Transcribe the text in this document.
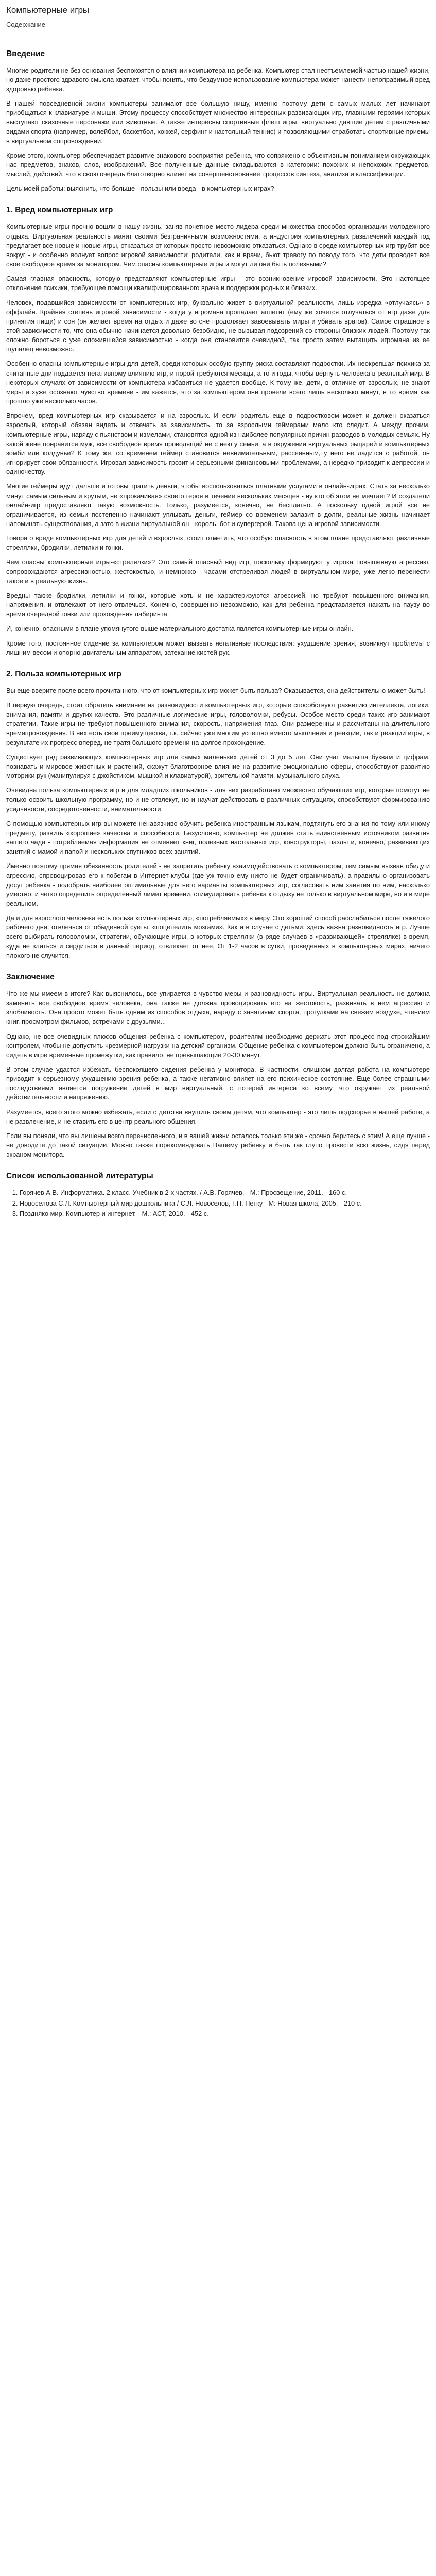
Компьютерные игры
Содержание
Введение

Многие родители не без основания беспокоятся о влиянии компьютера на ребенка. Компьютер стал неотъемлемой частью нашей жизни, но даже простого здравого смысла хватает, чтобы понять, что бездумное использование компьютера может нанести непоправимый вред здоровью ребенка.

В нашей повседневной жизни компьютеры занимают все большую нишу, именно поэтому дети с самых малых лет начинают приобщаться к клавиатуре и мыши. Этому процессу способствует множество интересных развивающих игр, главными героями которых выступают сказочные персонажи или животные. А также интересны спортивные флеш игры, виртуально давшие детям с различными видами спорта (например, волейбол, баскетбол, хоккей, серфинг и настольный теннис) и позволяющими отработать спортивные приемы в виртуальном сопровождении.

Кроме этого, компьютер обеспечивает развитие знакового восприятия ребенка, что сопряжено с объективным пониманием окружающих нас предметов, знаков, слов, изображений. Все полученные данные складываются в категории: похожих и непохожих предметов, мыслей, действий, что в свою очередь благотворно влияет на совершенствование процессов синтеза, анализа и классификации.

Цель моей работы: выяснить, что больше - пользы или вреда - в компьютерных играх?

1. Вред компьютерных игр

Компьютерные игры прочно вошли в нашу жизнь, заняв почетное место лидера среди множества способов организации молодежного отдыха. Виртуальная реальность манит своими безграничными возможностями, а индустрия компьютерных развлечений каждый год предлагает все новые и новые игры, отказаться от которых просто невозможно отказаться. Однако в среде компьютерных игр трубят все вокруг - и особенно волнует вопрос игровой зависимости: родители, как и врачи, бьют тревогу по поводу того, что дети проводят все свое свободное время за монитором. Чем опасны компьютерные игры и могут ли они быть полезными?

Самая главная опасность, которую представляют компьютерные игры - это возникновение игровой зависимости. Это настоящее отклонение психики, требующее помощи квалифицированного врача и поддержки родных и близких.

Человек, подавшийся зависимости от компьютерных игр, буквально живет в виртуальной реальности, лишь изредка «отлучаясь» в оффлайн. Крайняя степень игровой зависимости - когда у игромана пропадает аппетит (ему же хочется отлучаться от игр даже для принятия пищи) и сон (он желает время на отдых и даже во сне продолжает завоевывать миры и убивать врагов). Самое страшное в этой зависимости то, что она обычно начинается довольно безобидно, не вызывая подозрений со стороны близких людей. Поэтому так сложно бороться с уже сложившейся зависимостью - когда она становится очевидной, так просто затем вытащить игромана из ее щупалец невозможно.

Особенно опасны компьютерные игры для детей, среди которых особую группу риска составляют подростки. Их неокрепшая психика за считанные дни поддается негативному влиянию игр, и порой требуются месяцы, а то и годы, чтобы вернуть человека в реальный мир. В некоторых случаях от зависимости от компьютера избавиться не удается вообще. К тому же, дети, в отличие от взрослых, не знают меры и хуже осознают чувство времени - им кажется, что за компьютером они провели всего лишь несколько минут, в то время как прошло уже несколько часов.

Впрочем, вред компьютерных игр сказывается и на взрослых. И если родитель еще в подростковом может и должен оказаться взрослый, который обязан видеть и отвечать за зависимость, то за взрослыми геймерами мало кто следит. А между прочим, компьютерные игры, наряду с пьянством и измелами, становятся одной из наиболее популярных причин разводов в молодых семьях. Ну какой жене понравится муж, все свободное время проводящий не с нею у семьи, а в окружении виртуальных рыцарей и компьютерных зомби или колдуньи? К тому же, со временем геймер становится невнимательным, рассеянным, у него не ладится с работой, он игнорирует свои обязанности. Игровая зависимость грозит и серьезными финансовыми проблемами, а нередко приводит к депрессии и одиночеству.

Многие геймеры идут дальше и готовы тратить деньги, чтобы воспользоваться платными услугами в онлайн-играх. Стать за несколько минут самым сильным и крутым, не «прокачивая» своего героя в течение нескольких месяцев - ну кто об этом не мечтает? И создатели онлайн-игр предоставляют такую возможность. Только, разумеется, конечно, не бесплатно. А поскольку одной игрой все не ограничивается, из семьи постепенно начинают уплывать деньги, геймер со временем залазит в долги, реальные жизнь начинает напоминать существования, а зато в жизни виртуальной он - король, бог и супергерой. Такова цена игровой зависимости.

Говоря о вреде компьютерных игр для детей и взрослых, стоит отметить, что особую опасность в этом плане представляют различные стрелялки, бродилки, летилки и гонки.

Чем опасны компьютерные игры-«стрелялки»? Это самый опасный вид игр, поскольку формируют у игрока повышенную агрессию, сопровождаются агрессивностью, жестокостью, и немножко - часами отстреливая людей в виртуальном мире, уже легко перенести такое и в реальную жизнь.

Вредны также бродилки, летилки и гонки, которые хоть и не характеризуются агрессией, но требуют повышенного внимания, напряжения, и отвлекают от него отвлечься. Конечно, совершенно невозможно, как для ребенка представляется нажать на паузу во время очередной гонки или прохождения лабиринта.

И, конечно, опасными в плане упомянутого выше материального достатка является компьютерные игры онлайн.

Кроме того, постоянное сидение за компьютером может вызвать негативные последствия: ухудшение зрения, возникнут проблемы с лишним весом и опорно-двигательным аппаратом, затекание кистей рук.

2. Польза компьютерных игр

Вы еще вверите после всего прочитанного, что от компьютерных игр может быть польза? Оказывается, она действительно может быть!

В первую очередь, стоит обратить внимание на разновидности компьютерных игр, которые способствуют развитию интеллекта, логики, внимания, памяти и других качеств. Это различные логические игры, головоломки, ребусы. Особое место среди таких игр занимают стратегии. Такие игры не требуют повышенного внимания, скорость, напряжения глаз. Они размеренны и рассчитаны на длительного времяпровождения. В них есть свои преимущества, т.к. сейчас уже многим успешно вместо мышления и реакции, так и реакции игры, в результате их прогресс вперед, не тратя большого времени на долгое прохождение.

Существует ряд развивающих компьютерных игр для самых маленьких детей от 3 до 5 лет. Они учат малыша буквам и цифрам, познавать и мировое животных и растений, скажут благотворное влияние на развитие эмоционально сферы, способствуют развитию моторики рук (манипулируя с джойстиком, мышкой и клавиатурой), зрительной памяти, музыкального слуха.

Очевидна польза компьютерных игр и для младших школьников - для них разработано множество обучающих игр, которые помогут не только освоить школьную программу, но и не отвлекут, но и научат действовать в различных ситуациях, способствуют формированию усидчивости, сосредоточенности, внимательности.

С помощью компьютерных игр вы можете ненавязчиво обучить ребенка иностранным языкам, подтянуть его знания по тому или иному предмету, развить «хорошие» качества и способности. Безусловно, компьютер не должен стать единственным источником развития вашего чада - потребляемая информация не отменяет книг, полезных настольных игр, конструкторы, пазлы и, конечно, развивающих занятий с мамой и папой и нескольких спутников всех занятий.

Именно поэтому прямая обязанность родителей - не запретить ребенку взаимодействовать с компьютером, тем самым вызвав обиду и агрессию, спровоцировав его к побегам в Интернет-клубы (где уж точно ему никто не будет ограничивать), а правильно организовать досуг ребенка - подобрать наиболее оптимальные для него варианты компьютерных игр, согласовать ним занятия по ним, насколько уместно, и четко определить определенный лимит времени, стимулировать ребенка к отдыху не только в виртуальном мире, но и в мире реальном.

Да и для взрослого человека есть польза компьютерных игр, «потребляемых» в меру. Это хороший способ расслабиться после тяжелого рабочего дня, отвлечься от обыденной суеты, «поцепелить мозгами». Как и в случае с детьми, здесь важна разновидность игр. Лучше всего выбирать головоломки, стратегии, обучающие игры, в которых стрелялки (в ряде случаев в «развивающей» стрелялке) в время, куда не злиться и сердиться в данный период, отвлекает от нее. От 1-2 часов в сутки, проведенных в компьютерных мирах, ничего плохого не случится.

Заключение

Что же мы имеем в итоге? Как выяснилось, все упирается в чувство меры и разновидность игры. Виртуальная реальность не должна заменить все свободное время человека, она также не должна провоцировать его на жестокость, развивать в нем агрессию и злобливость. Она просто может быть одним из способов отдыха, наряду с занятиями спорта, прогулками на свежем воздухе, чтением книг, просмотром фильмов, встречами с друзьями...

Однако, не все очевидных плюсов общения ребенка с компьютером, родителям необходимо держать этот процесс под строжайшим контролем, чтобы не допустить чрезмерной нагрузки на детский организм. Общение ребенка с компьютером должно быть ограничено, а сидеть в игре временные промежутки, как правило, не превышающие 20-30 минут.

В этом случае удастся избежать беспокоящего сидения ребенка у монитора. В частности, слишком долгая работа на компьютере приводит к серьезному ухудшению зрения ребенка, а также негативно влияет на его психическое состояние. Еще более страшными последствиями является погружение детей в мир виртуальный, с потерей интереса ко всему, что окружает их реальной действительности и напряжению.

Разумеется, всего этого можно избежать, если с детства внушить своим детям, что компьютер - это лишь подспорье в нашей работе, а не развлечение, и не ставить его в центр реального общения.

Если вы поняли, что вы лишены всего перечисленного, и в вашей жизни осталось только эти же - срочно беритесь с этим! А еще лучше - не доводите до такой ситуации. Можно также порекомендовать Вашему ребенку и быть так глупо провести всю жизнь, сидя перед экраном монитора.

Список использованной литературы
1. Горячев А.В. Информатика. 2 класс. Учебник в 2-х частях. / А.В. Горячев. - М.: Просвещение, 2011. - 160 с.
2. Новоселова С.Л. Компьютерный мир дошкольника / С.Л. Новоселов, Г.П. Петку - М: Новая школа, 2005. - 210 с.
3. Поздняко мир. Компьютер и интернет. - М.: АСТ, 2010. - 452 с.
